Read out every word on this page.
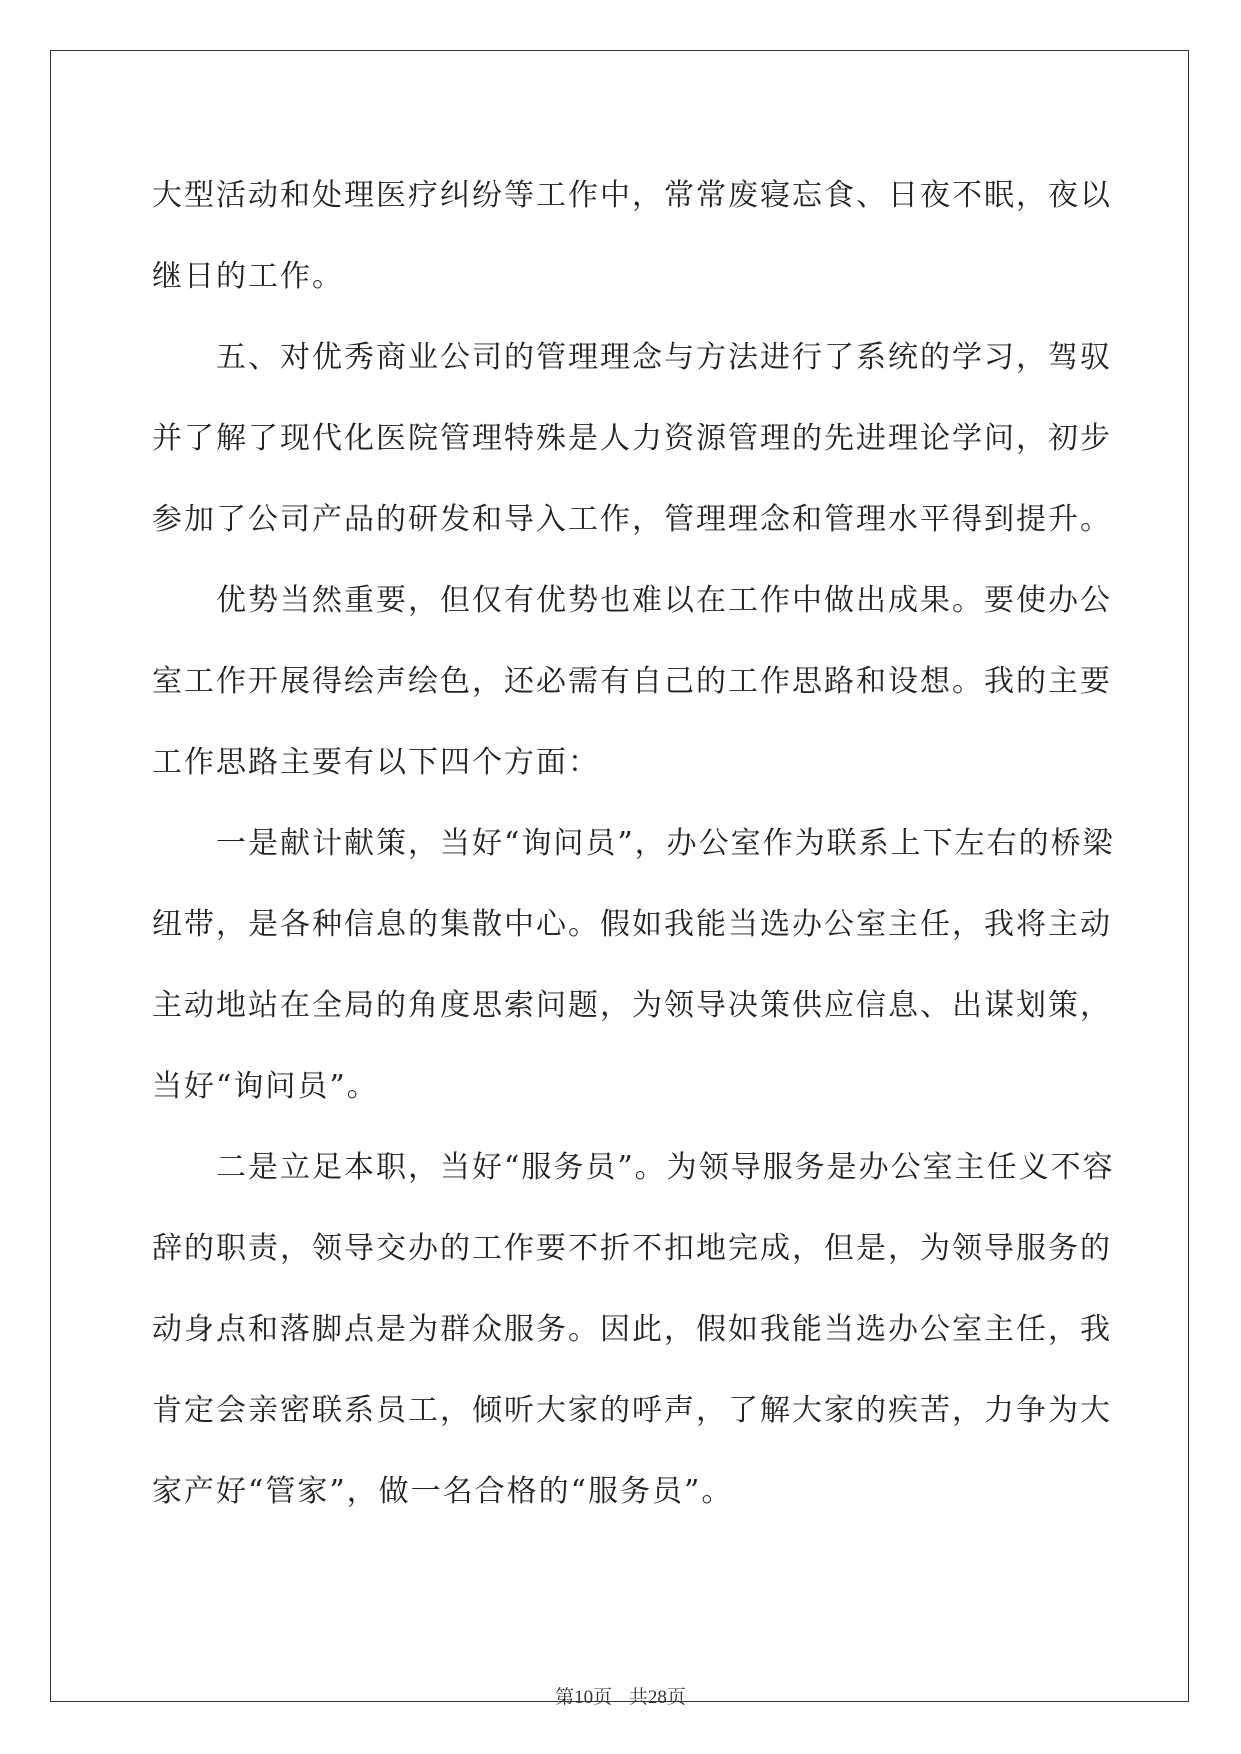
大型活动和处理医疗纠纷等工作中，常常废寝忘食、日夜不眠，夜以
继日的工作。
五、对优秀商业公司的管理理念与方法进行了系统的学习，驾驭
并了解了现代化医院管理特殊是人力资源管理的先进理论学问，初步
参加了公司产品的研发和导入工作，管理理念和管理水平得到提升。
优势当然重要，但仅有优势也难以在工作中做出成果。要使办公
室工作开展得绘声绘色，还必需有自己的工作思路和设想。我的主要
工作思路主要有以下四个方面：
一是献计献策，当好“询问员”，办公室作为联系上下左右的桥梁
纽带，是各种信息的集散中心。假如我能当选办公室主任，我将主动
主动地站在全局的角度思索问题，为领导决策供应信息、出谋划策，
当好“询问员”。
二是立足本职，当好“服务员”。为领导服务是办公室主任义不容
辞的职责，领导交办的工作要不折不扣地完成，但是，为领导服务的
动身点和落脚点是为群众服务。因此，假如我能当选办公室主任，我
肯定会亲密联系员工，倾听大家的呼声，了解大家的疾苦，力争为大
家产好“管家”，做一名合格的“服务员”。
第10页 共28页
